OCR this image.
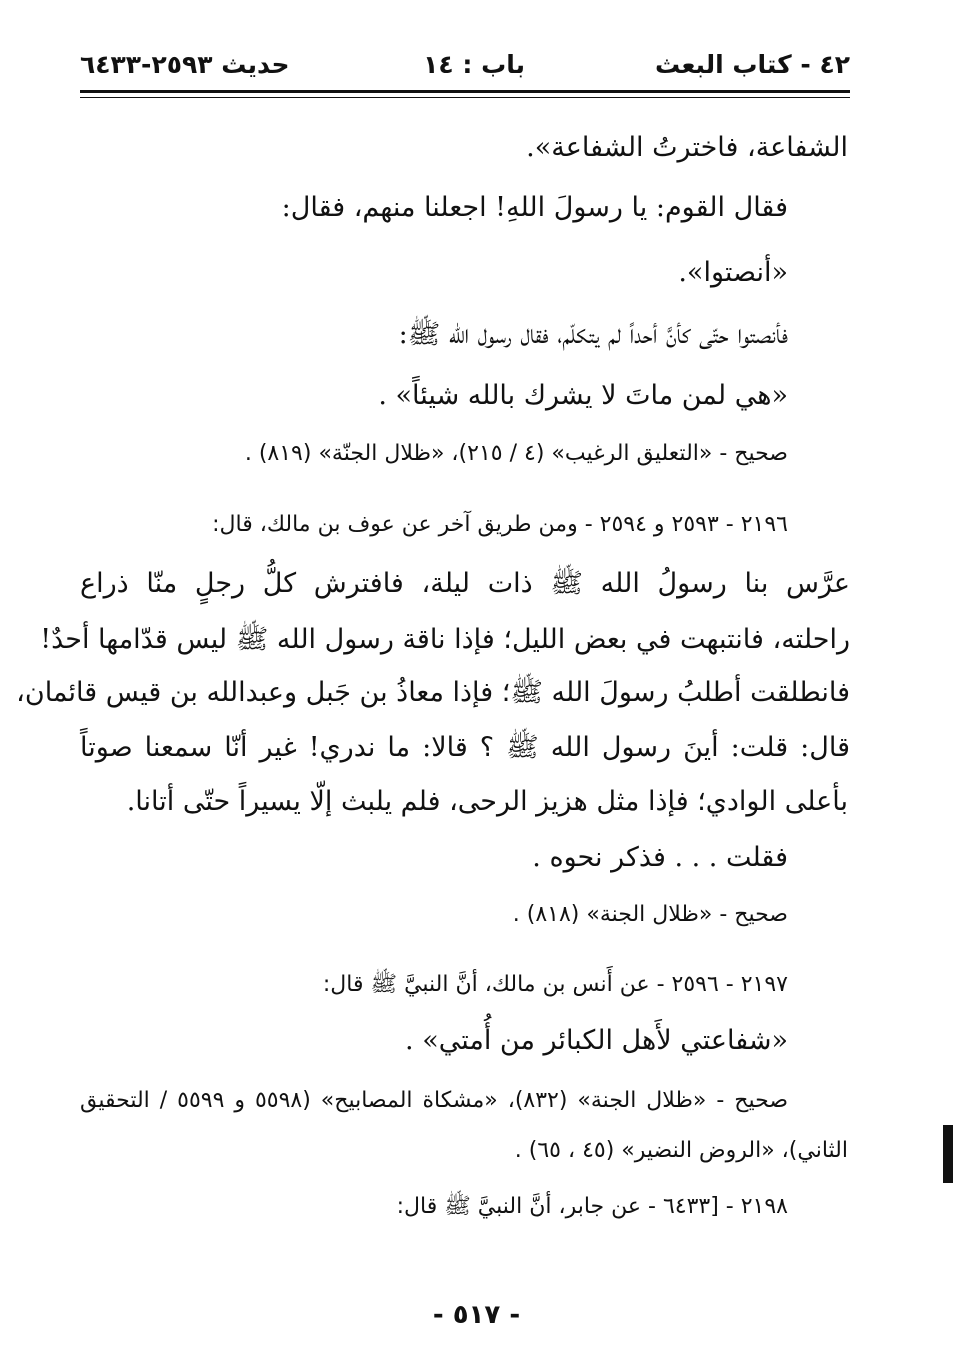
٤٢ - كتاب البعث
باب : ١٤
حديث ٢٥٩٣-٦٤٣٣
الشفاعة، فاخترتُ الشفاعة».
فقال القوم: يا رسولَ اللهِ! اجعلنا منهم، فقال:
«أنصتوا».
فأنصتوا حتّى كأنَّ أحداً لم يتكلّم، فقال رسول الله ﷺ:
«هي لمن ماتَ لا يشرك بالله شيئاً» .
صحيح - «التعليق الرغيب» (٤ / ٢١٥)، «ظلال الجنّة» (٨١٩) .
٢١٩٦ - ٢٥٩٣ و ٢٥٩٤ - ومن طريق آخر عن عوف بن مالك، قال:
عرَّس بنا رسولُ الله ﷺ ذات ليلة، فافترش كلُّ رجلٍ منّا ذراع
راحلته، فانتبهت في بعض الليل؛ فإذا ناقة رسول الله ﷺ ليس قدّامها أحدٌ!
فانطلقت أطلبُ رسولَ الله ﷺ؛ فإذا معاذُ بن جَبل وعبدالله بن قيس قائمان،
قال: قلت: أينَ رسول الله ﷺ ؟ قالا: ما ندري! غير أنّا سمعنا صوتاً
بأعلى الوادي؛ فإذا مثل هزيز الرحى، فلم يلبث إلّا يسيراً حتّى أتانا.
فقلت . . . فذكر نحوه .
صحيح - «ظلال الجنة» (٨١٨) .
٢١٩٧ - ٢٥٩٦ - عن أَنس بن مالك، أنَّ النبيَّ ﷺ قال:
«شفاعتي لأَهل الكبائر من أُمتي» .
صحيح - «ظلال الجنة» (٨٣٢)، «مشكاة المصابيح» (٥٥٩٨ و ٥٥٩٩ / التحقيق
الثاني)، «الروض النضير» (٤٥ ، ٦٥) .
٢١٩٨ - [٦٤٣٣ - عن جابر، أنَّ النبيَّ ﷺ قال:
- ٥١٧ -
